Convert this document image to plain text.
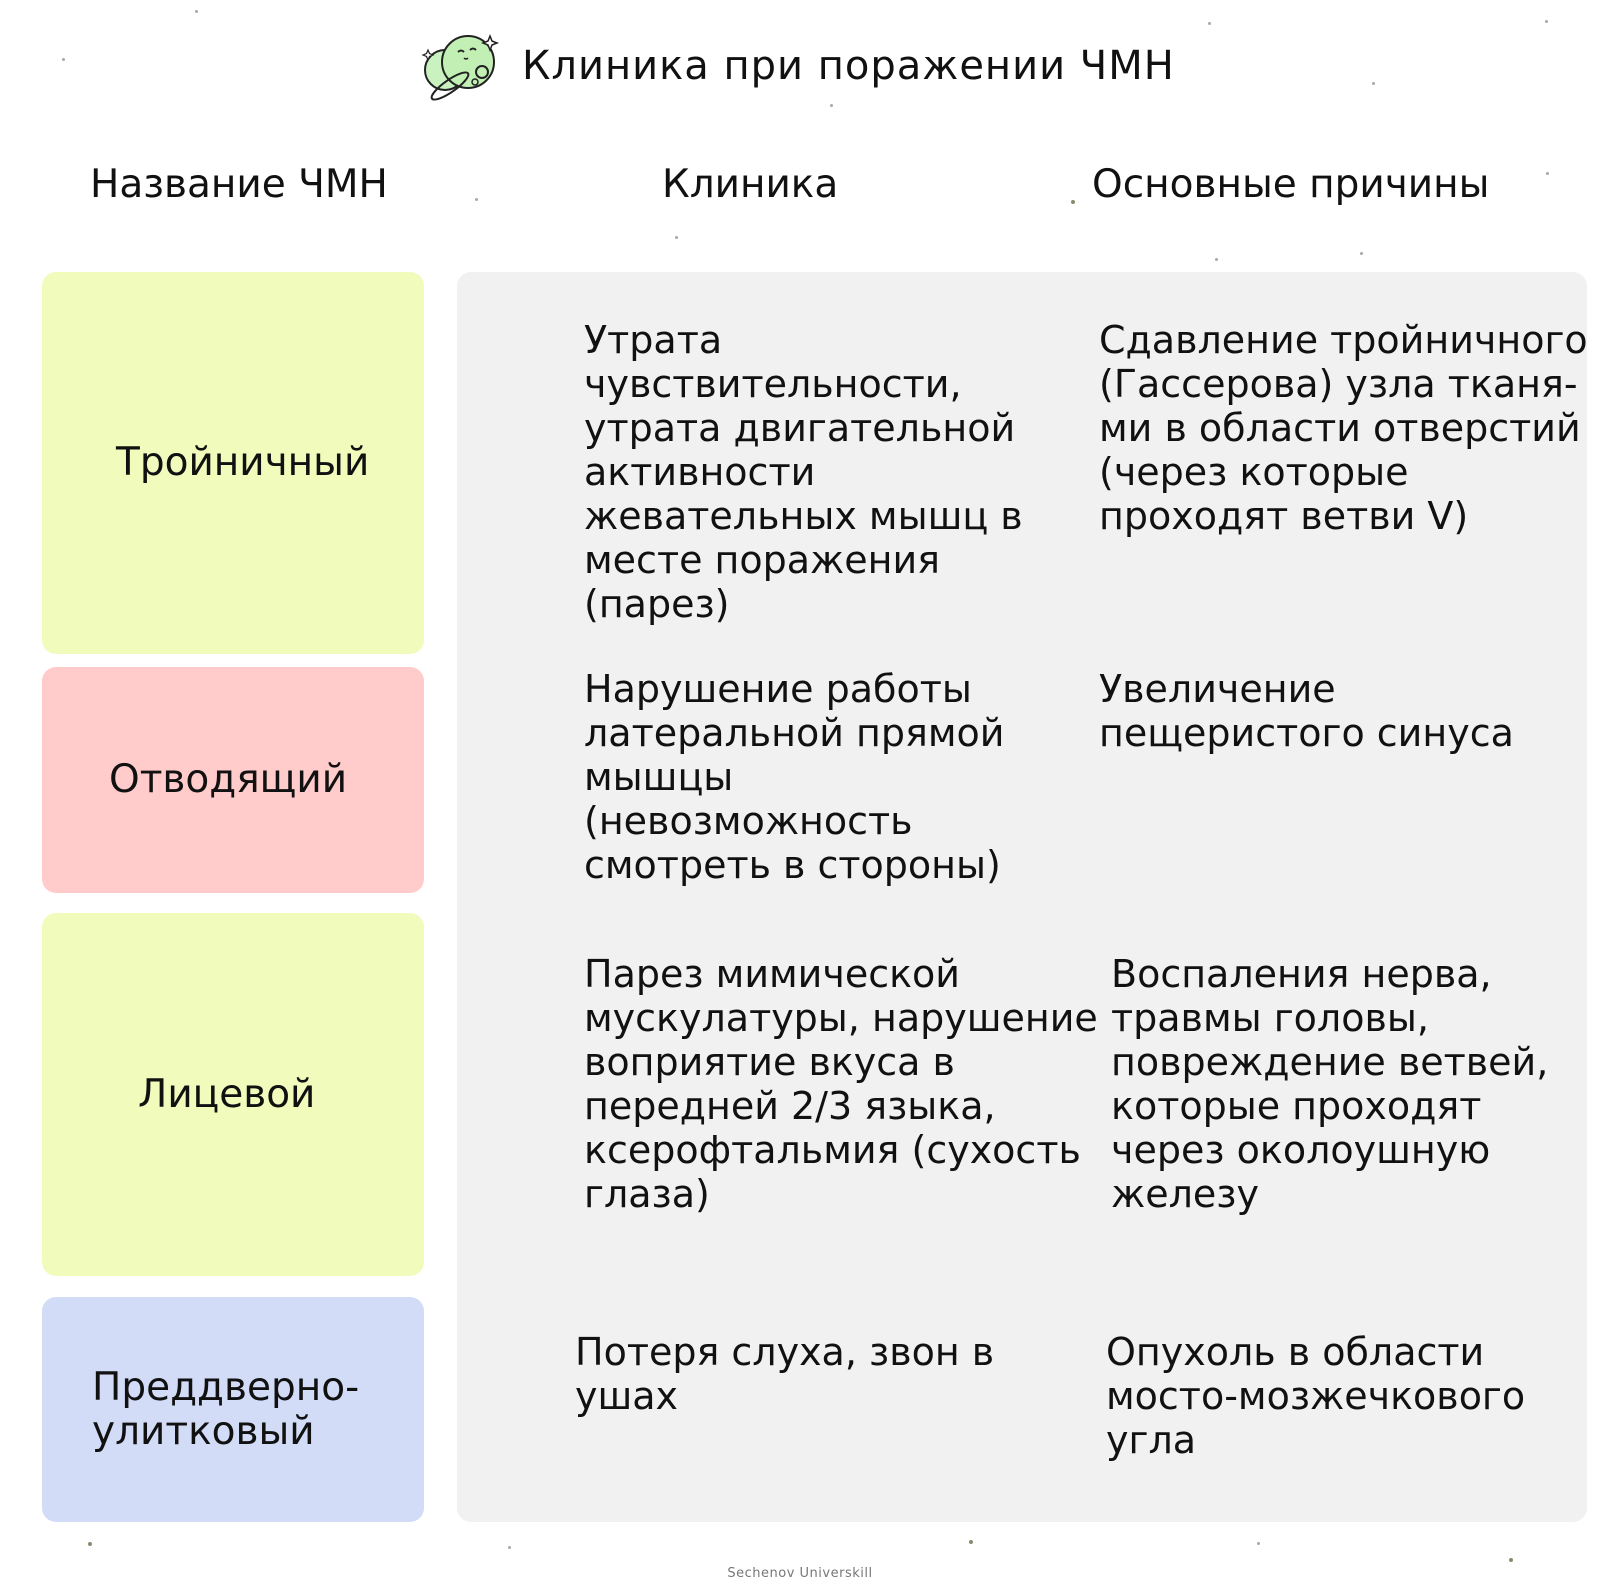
Клиника при поражении ЧМН
Название ЧМН	Клиника	Основные причины
Тройничный
Утрата
чувствительности,
утрата двигательной
активности
жевательных мышц в
месте поражения
(парез)
Сдавление тройничного
(Гассерова) узла тканя-
ми в области отверстий
(через которые
проходят ветви V)
Отводящий
Нарушение работы
латеральной прямой
мышцы
(невозможность
смотреть в стороны)
Увеличение
пещеристого синуса
Лицевой
Парез мимической
мускулатуры, нарушение
воприятие вкуса в
передней 2/3 языка,
ксерофтальмия (сухость
глаза)
Воспаления нерва,
травмы головы,
повреждение ветвей,
которые проходят
через околоушную
железу
Преддверно-
улитковый
Потеря слуха, звон в
ушах
Опухоль в области
мосто-мозжечкового
угла
Sechenov Universkill
